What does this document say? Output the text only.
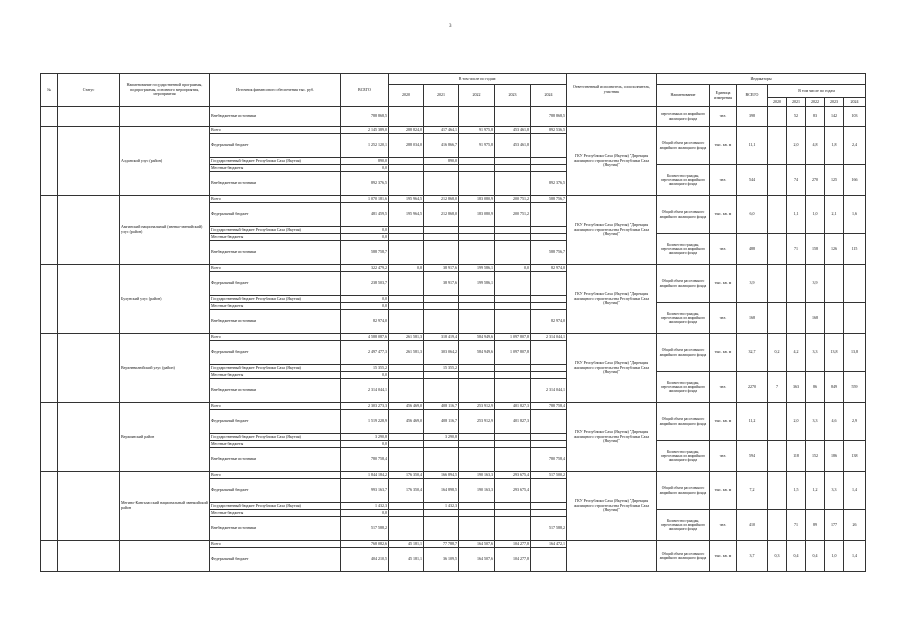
3
№	Статус	Наименование государственной программы, подпрограммы, основного мероприятия, мероприятия	Источник финансового обеспечения тыс. руб.	ВСЕГО	В том числе по годам:					Ответственный исполнитель, соисполнитель, участник	Индикаторы							
					2020	2021	2022	2023	2024		Наименование	Единица измерения	ВСЕГО	В том числе по годам				
														2020	2021	2022	2023	2024
			Внебюджетные источники	788 868,5					788 868,5		переселенных из аварийного жилищного фонда	чел.	398		52	83	142	103
		Алданский улус (район)	Всего	2 145 389,0	288 824,0	417 464,1	91 975,8	453 461,8	892 536,5	ГКУ Республики Саха (Якутия) "Дирекция жилищного строительства Республики Саха (Якутия)"	Общий объем расселенного аварийного жилищного фонда	тыс. кв. м	11,1		2,0	4,8	1,8	2,4
			Федеральный бюджет	1 252 120,1	288 034,0	416 866,7	91 975,8	453 461,8										
			Государственный бюджет Республики Саха (Якутия)	890,0		890,0												
			Местные бюджеты	0,0							Количество граждан, переселенных из аварийного жилищного фонда	чел.	544		74	270	125	166
			Внебюджетные источники	892 376,5					892 376,5									
		Амгинский национальный (эвенко-эвенийский) улус (район)	Всего	1 070 181,6	195 964,5	212 868,0	183 080,9	200 751,2	588 756,7	ГКУ Республики Саха (Якутия) "Дирекция жилищного строительства Республики Саха (Якутия)"	Общий объем расселенного аварийного жилищного фонда	тыс. кв. м	6,0		1,1	1,0	2,1	1,6
			Федеральный бюджет	481 459,5	195 964,5	212 868,0	183 080,9	200 751,2										
			Государственный бюджет Республики Саха (Якутия)	0,0														
			Местные бюджеты	0,0							Количество граждан, переселенных из аварийного жилищного фонда	чел.	488		71	158	126	115
			Внебюджетные источники	588 758,7					588 756,7									
		Булунский улус (район)	Всего	322 479,2	0,0	38 917,6	199 586,1	0,0	82 974,0	ГКУ Республики Саха (Якутия) "Дирекция жилищного строительства Республики Саха (Якутия)"	Общий объем расселенного аварийного жилищного фонда	тыс. кв. м	3,9			3,9		
			Федеральный бюджет	238 503,7		38 917,6	199 586,1											
			Государственный бюджет Республики Саха (Якутия)	0,0														
			Местные бюджеты	0,0							Количество граждан, переселенных из аварийного жилищного фонда	чел.	168			168		
			Внебюджетные источники	82 974,0					82 974,0									
		Верхневилюйский улус (район)	Всего	4 588 087,6	261 581,3	318 419,4	584 949,6	1 097 807,8	2 314 044,1	ГКУ Республики Саха (Якутия) "Дирекция жилищного строительства Республики Саха (Якутия)"	Общий объем расселенного аварийного жилищного фонда	тыс. кв. м	32,7	0,2	4,2	3,3	13,8	13,8
			Федеральный бюджет	2 497 477,3	261 581,3	303 064,2	584 949,6	1 097 807,8										
			Государственный бюджет Республики Саха (Якутия)	15 355,2		15 355,2												
			Местные бюджеты	0,0							Количество граждан, переселенных из аварийного жилищного фонда	чел.	2270	7	363	86	849	559
			Внебюджетные источники	2 314 044,1					2 314 044,1									
		Верхоянский район	Всего	2 303 273,3	456 469,0	408 116,7	253 912,9	401 827,3	788 758,4	ГКУ Республики Саха (Якутия) "Дирекция жилищного строительства Республики Саха (Якутия)"	Общий объем расселенного аварийного жилищного фонда	тыс. кв. м	11,2		2,0	3,3	4,6	2,9
			Федеральный бюджет	1 519 228,9	456 469,0	408 116,7	253 912,9	401 827,3										
			Государственный бюджет Республики Саха (Якутия)	3 290,8		3 290,8												
			Местные бюджеты	0,0							Количество граждан, переселенных из аварийного жилищного фонда	чел.	594		118	152	186	138
			Внебюджетные источники	780 758,4					780 758,4									
		Мегино-Кангаласский национальный эвенкийский район	Всего	1 844 184,2	176 350,4	166 894,5	190 163,3	293 675,4	517 500,2	ГКУ Республики Саха (Якутия) "Дирекция жилищного строительства Республики Саха (Якутия)"	Общий объем расселенного аварийного жилищного фонда	тыс. кв. м	7,2		1,5	1,2	3,3	1,4
			Федеральный бюджет	993 163,7	176 350,4	164 898,5	190 163,3	293 675,4										
			Государственный бюджет Республики Саха (Якутия)	1 432,3		1 432,3												
			Местные бюджеты	0,0							Количество граждан, переселенных из аварийного жилищного фонда	чел.	410		71	89	177	26
			Внебюджетные источники	517 588,2					517 588,2									
			Всего	768 082,6	45 181,1	77 788,7	164 507,6	104 277,8	164 472,1		Общий объем расселенного аварийного жилищного фонда	тыс. кв. м	3,7	0,3	0,4	0,4	1,0	1,4
			Федеральный бюджет	404 210,5	45 181,1	36 109,5	164 507,6	104 277,8										
